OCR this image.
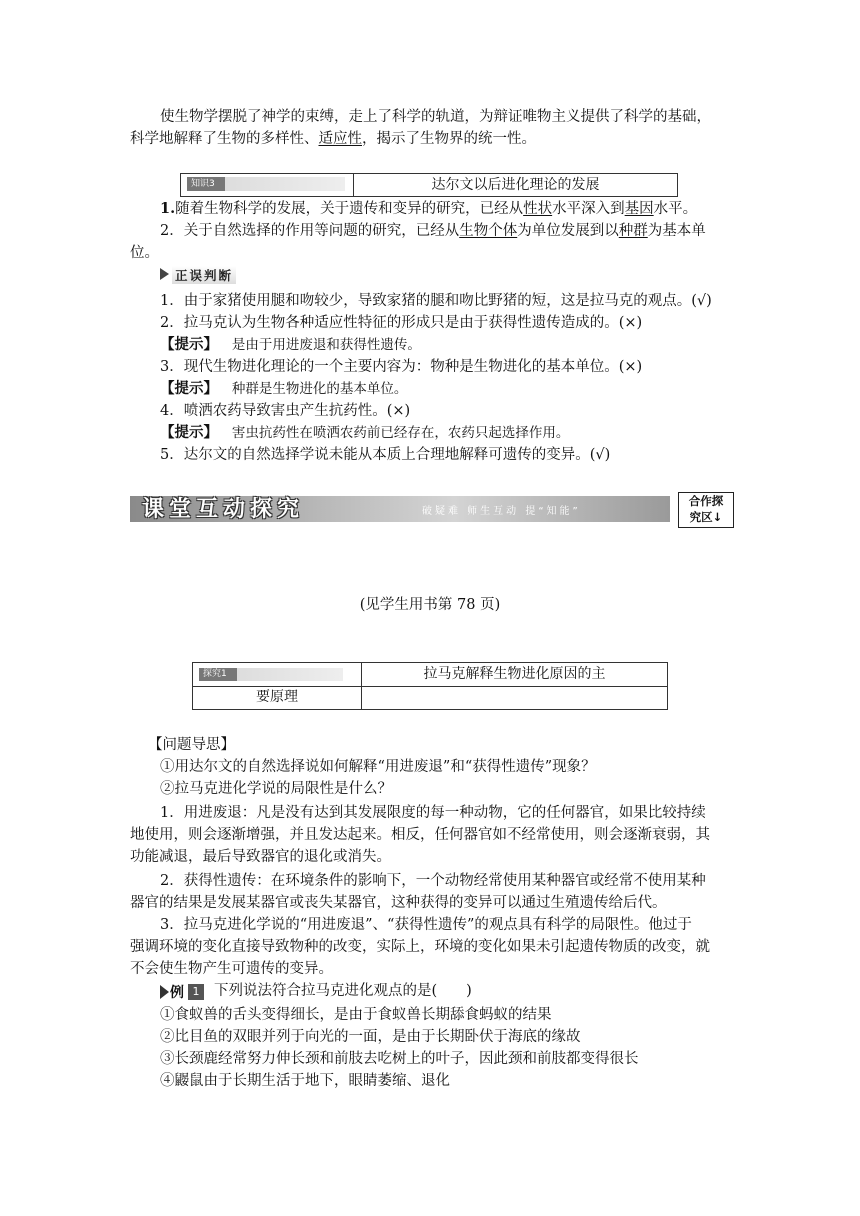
使生物学摆脱了神学的束缚，走上了科学的轨道，为辩证唯物主义提供了科学的基础，
科学地解释了生物的多样性、适应性，揭示了生物界的统一性。
知识3	达尔文以后进化理论的发展
1.随着生物科学的发展，关于遗传和变异的研究，已经从性状水平深入到基因水平。
2．关于自然选择的作用等问题的研究，已经从生物个体为单位发展到以种群为基本单
位。
正误判断
1．由于家猪使用腿和吻较少，导致家猪的腿和吻比野猪的短，这是拉马克的观点。(√)
2．拉马克认为生物各种适应性特征的形成只是由于获得性遗传造成的。(×)
【提示】 是由于用进废退和获得性遗传。
3．现代生物进化理论的一个主要内容为：物种是生物进化的基本单位。(×)
【提示】 种群是生物进化的基本单位。
4．喷洒农药导致害虫产生抗药性。(×)
【提示】 害虫抗药性在喷洒农药前已经存在，农药只起选择作用。
5．达尔文的自然选择学说未能从本质上合理地解释可遗传的变异。(√)
课堂互动探究	破疑难 师生互动 提“知能”
合作探
究区↓
(见学生用书第 78 页)
探究1	拉马克解释生物进化原因的主
要原理
【问题导思】
①用达尔文的自然选择说如何解释“用进废退”和“获得性遗传”现象？
②拉马克进化学说的局限性是什么？
1．用进废退：凡是没有达到其发展限度的每一种动物，它的任何器官，如果比较持续
地使用，则会逐渐增强，并且发达起来。相反，任何器官如不经常使用，则会逐渐衰弱，其
功能减退，最后导致器官的退化或消失。
2．获得性遗传：在环境条件的影响下，一个动物经常使用某种器官或经常不使用某种
器官的结果是发展某器官或丧失某器官，这种获得的变异可以通过生殖遗传给后代。
3．拉马克进化学说的“用进废退”、“获得性遗传”的观点具有科学的局限性。他过于
强调环境的变化直接导致物种的改变，实际上，环境的变化如果未引起遗传物质的改变，就
不会使生物产生可遗传的变异。
例 1	下列说法符合拉马克进化观点的是(　　)
①食蚁兽的舌头变得细长，是由于食蚁兽长期舔食蚂蚁的结果
②比目鱼的双眼并列于向光的一面，是由于长期卧伏于海底的缘故
③长颈鹿经常努力伸长颈和前肢去吃树上的叶子，因此颈和前肢都变得很长
④鼹鼠由于长期生活于地下，眼睛萎缩、退化
